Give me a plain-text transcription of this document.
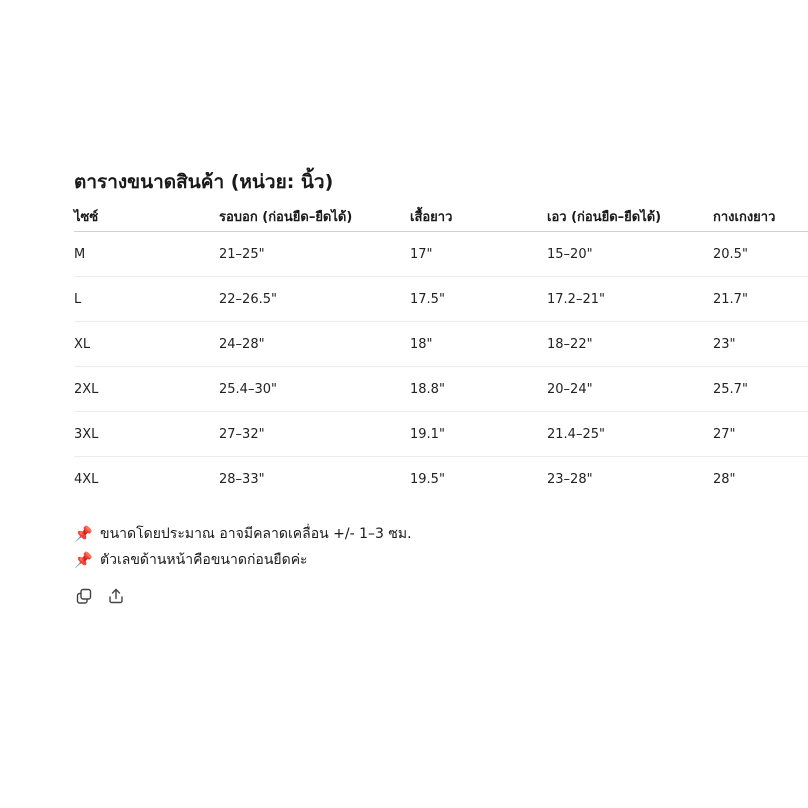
ตารางขนาดสินค้า (หน่วย: นิ้ว)
ไซซ์	รอบอก (ก่อนยืด–ยืดได้)	เสื้อยาว	เอว (ก่อนยืด–ยืดได้)	กางเกงยาว
M	21–25"	17"	15–20"	20.5"
L	22–26.5"	17.5"	17.2–21"	21.7"
XL	24–28"	18"	18–22"	23"
2XL	25.4–30"	18.8"	20–24"	25.7"
3XL	27–32"	19.1"	21.4–25"	27"
4XL	28–33"	19.5"	23–28"	28"
📌 ขนาดโดยประมาณ อาจมีคลาดเคลื่อน +/- 1–3 ซม.
📌 ตัวเลขด้านหน้าคือขนาดก่อนยืดค่ะ
